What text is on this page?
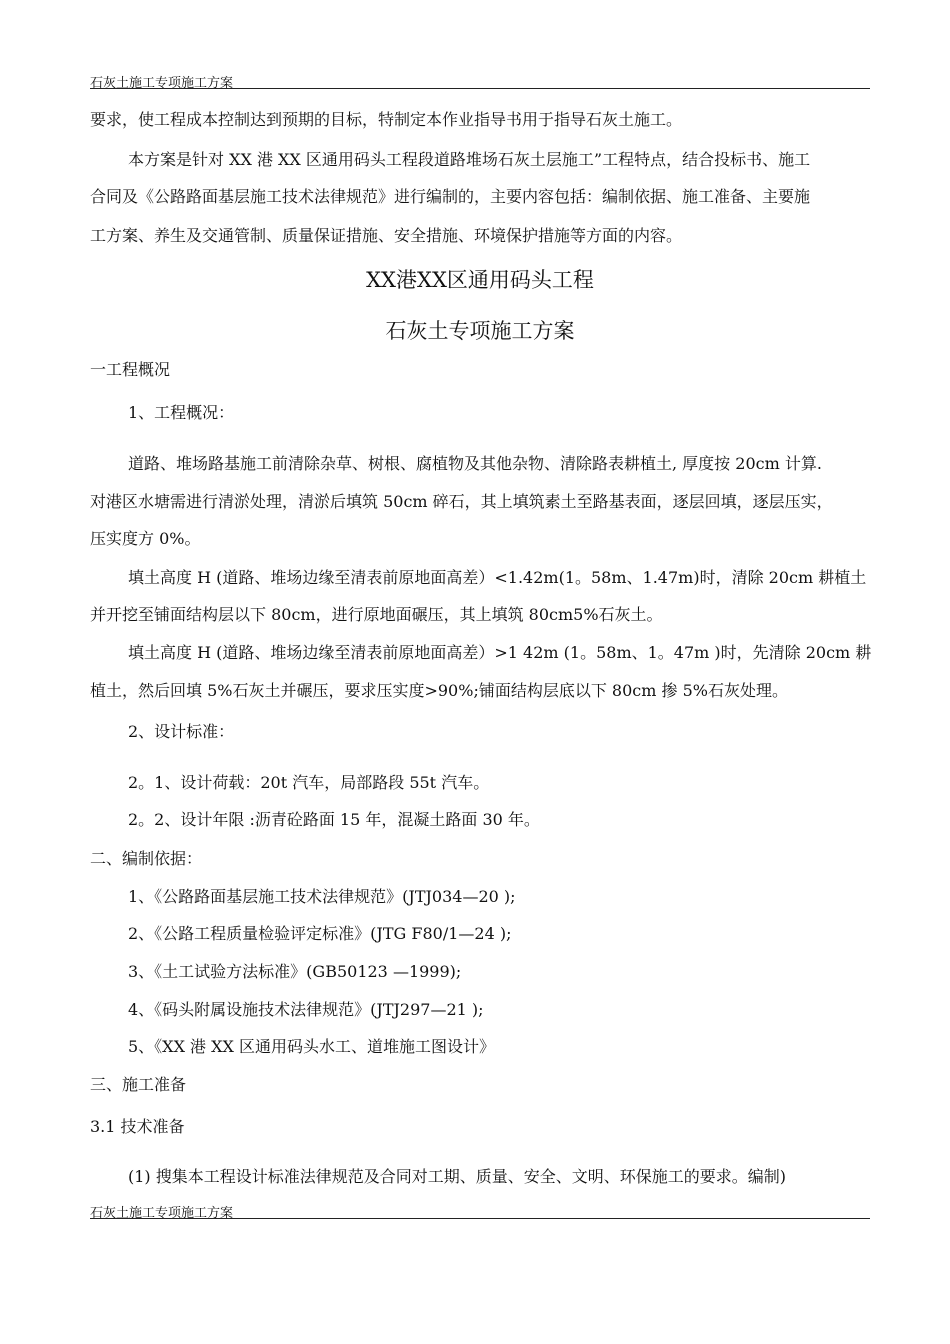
石灰土施工专项施工方案
要求，使工程成本控制达到预期的目标，特制定本作业指导书用于指导石灰土施工。
本方案是针对 XX 港 XX 区通用码头工程段道路堆场石灰土层施工”工程特点，结合投标书、施工
合同及《公路路面基层施工技术法律规范》进行编制的，主要内容包括：编制依据、施工准备、主要施
工方案、养生及交通管制、质量保证措施、安全措施、环境保护措施等方面的内容。
XX港XX区通用码头工程
石灰土专项施工方案
一工程概况
1、工程概况：
道路、堆场路基施工前清除杂草、树根、腐植物及其他杂物、清除路表耕植土, 厚度按 20cm 计算.
对港区水塘需进行清淤处理，清淤后填筑 50cm 碎石，其上填筑素土至路基表面，逐层回填，逐层压实，
压实度方 0%。
填土高度 H (道路、堆场边缘至清表前原地面高差）<1.42m(1。58m、1.47m)时，清除 20cm 耕植土
并开挖至铺面结构层以下 80cm，进行原地面碾压，其上填筑 80cm5%石灰土。
填土高度 H (道路、堆场边缘至清表前原地面高差）>1 42m (1。58m、1。47m )时，先清除 20cm 耕
植土，然后回填 5%石灰土并碾压，要求压实度>90%;铺面结构层底以下 80cm 掺 5%石灰处理。
2、设计标准：
2。1、设计荷载：20t 汽车，局部路段 55t 汽车。
2。2、设计年限 :沥青砼路面 15 年，混凝土路面 30 年。
二、编制依据：
1、《公路路面基层施工技术法律规范》(JTJ034—20 );
2、《公路工程质量检验评定标准》(JTG F80/1—24 );
3、《土工试验方法标准》(GB50123 —1999);
4、《码头附属设施技术法律规范》(JTJ297—21 );
5、《XX 港 XX 区通用码头水工、道堆施工图设计》
三、施工准备
3.1 技术准备
(1) 搜集本工程设计标准法律规范及合同对工期、质量、安全、文明、环保施工的要求。编制)
石灰土施工专项施工方案
